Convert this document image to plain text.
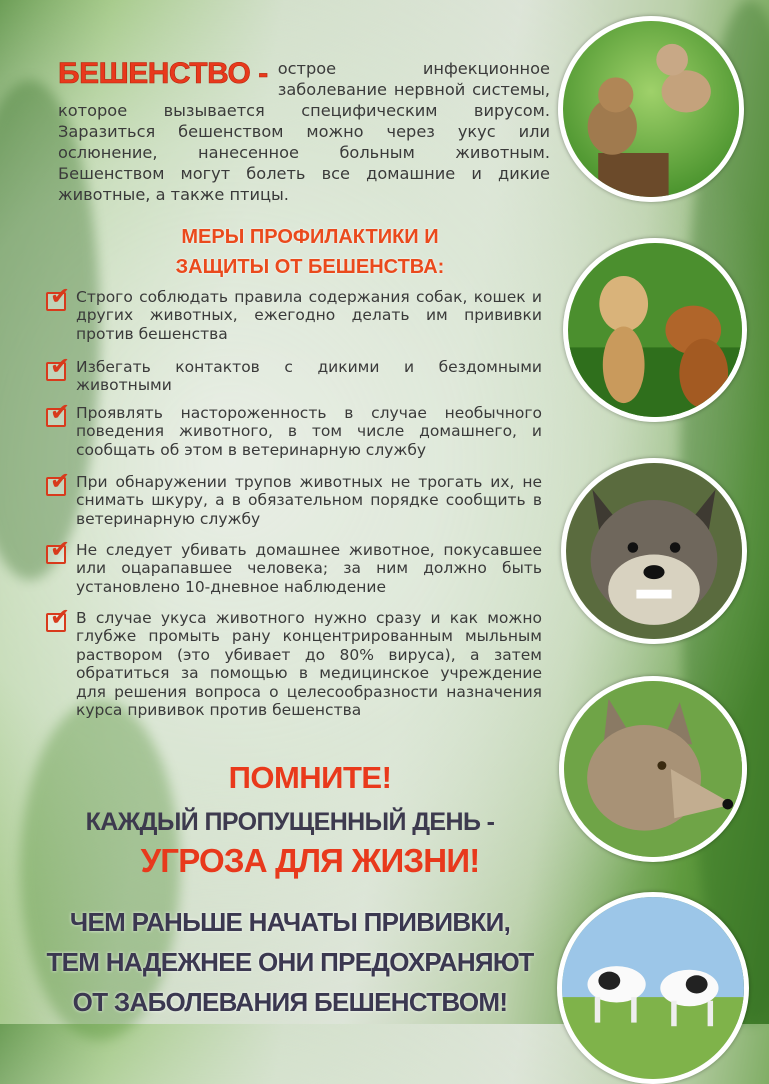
БЕШЕНСТВО - острое инфекционное заболевание нервной системы, которое вызывается специфическим вирусом. Заразиться бешенством можно через укус или ослюнение, нанесенное больным животным. Бешенством могут болеть все домашние и дикие животные, а также птицы.
МЕРЫ ПРОФИЛАКТИКИ И
ЗАЩИТЫ ОТ БЕШЕНСТВА:
✔ Строго соблюдать правила содержания собак, кошек и других животных, ежегодно делать им прививки против бешенства
✔ Избегать контактов с дикими и бездомными животными
✔ Проявлять настороженность в случае необычного поведения животного, в том числе домашнего, и сообщать об этом в ветеринарную службу
✔ При обнаружении трупов животных не трогать их, не снимать шкуру, а в обязательном порядке сообщить в ветеринарную службу
✔ Не следует убивать домашнее животное, покусавшее или оцарапавшее человека; за ним должно быть установлено 10-дневное наблюдение
✔ В случае укуса животного нужно сразу и как можно глубже промыть рану концентрированным мыльным раствором (это убивает до 80% вируса), а затем обратиться за помощью в медицинское учреждение для решения вопроса о целесообразности назначения курса прививок против бешенства
ПОМНИТЕ!
КАЖДЫЙ ПРОПУЩЕННЫЙ ДЕНЬ -
УГРОЗА ДЛЯ ЖИЗНИ!
ЧЕМ РАНЬШЕ НАЧАТЫ ПРИВИВКИ,
ТЕМ НАДЕЖНЕЕ ОНИ ПРЕДОХРАНЯЮТ
ОТ ЗАБОЛЕВАНИЯ БЕШЕНСТВОМ!
